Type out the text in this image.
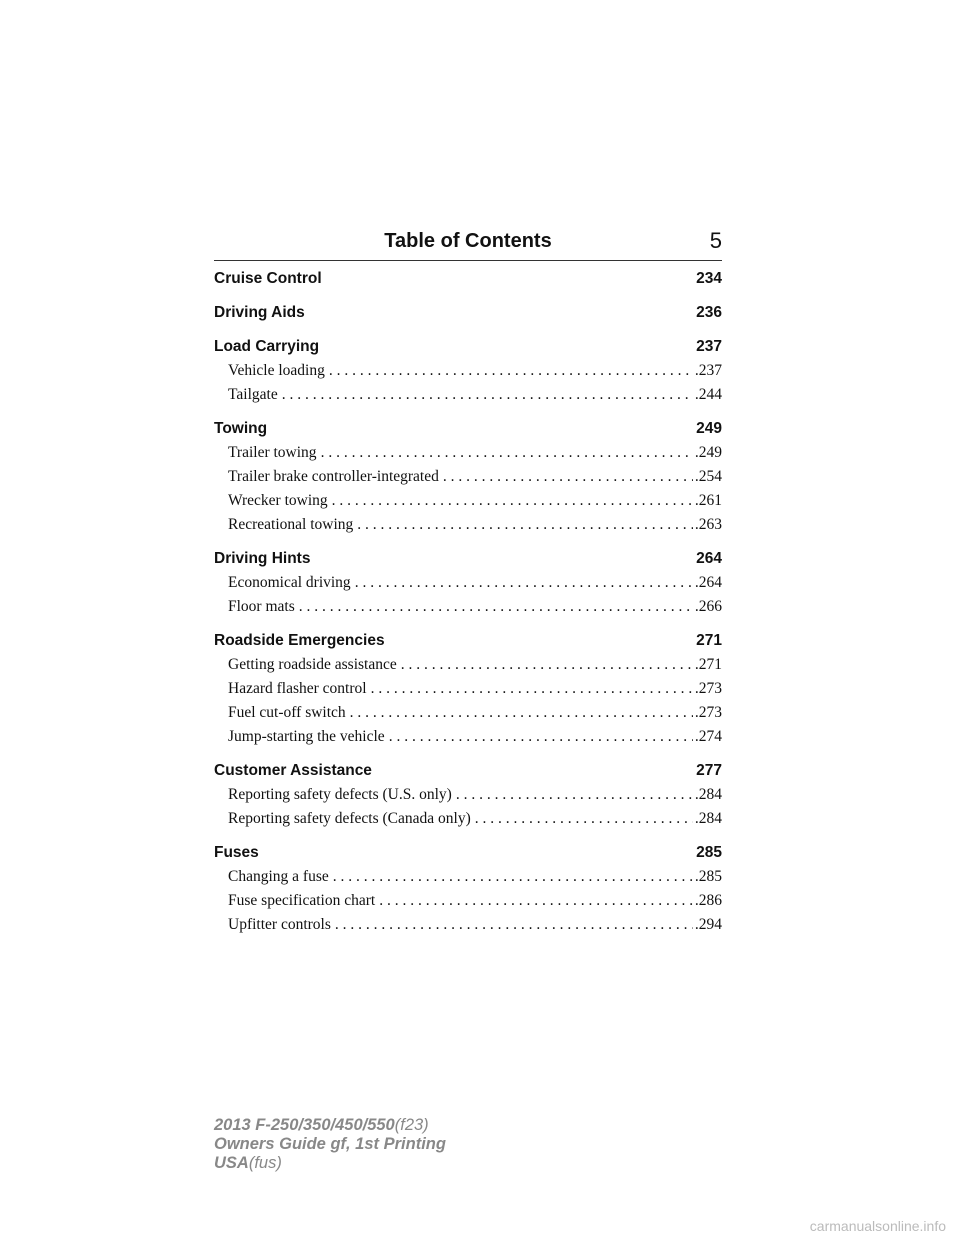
Table of Contents	5
Cruise Control	234
Driving Aids	236
Load Carrying	237
Vehicle loading . . .	.237
Tailgate . . .	.244
Towing	249
Trailer towing . . .	.249
Trailer brake controller-integrated . . .	.254
Wrecker towing . . .	.261
Recreational towing . . .	.263
Driving Hints	264
Economical driving . . .	.264
Floor mats . . .	.266
Roadside Emergencies	271
Getting roadside assistance . . .	.271
Hazard flasher control . . .	.273
Fuel cut-off switch . . .	.273
Jump-starting the vehicle . . .	.274
Customer Assistance	277
Reporting safety defects (U.S. only) . . .	.284
Reporting safety defects (Canada only) . . .	.284
Fuses	285
Changing a fuse . . .	.285
Fuse specification chart . . .	.286
Upfitter controls . . .	.294
2013 F-250/350/450/550(f23)
Owners Guide gf, 1st Printing
USA(fus)
carmanualsonline.info
